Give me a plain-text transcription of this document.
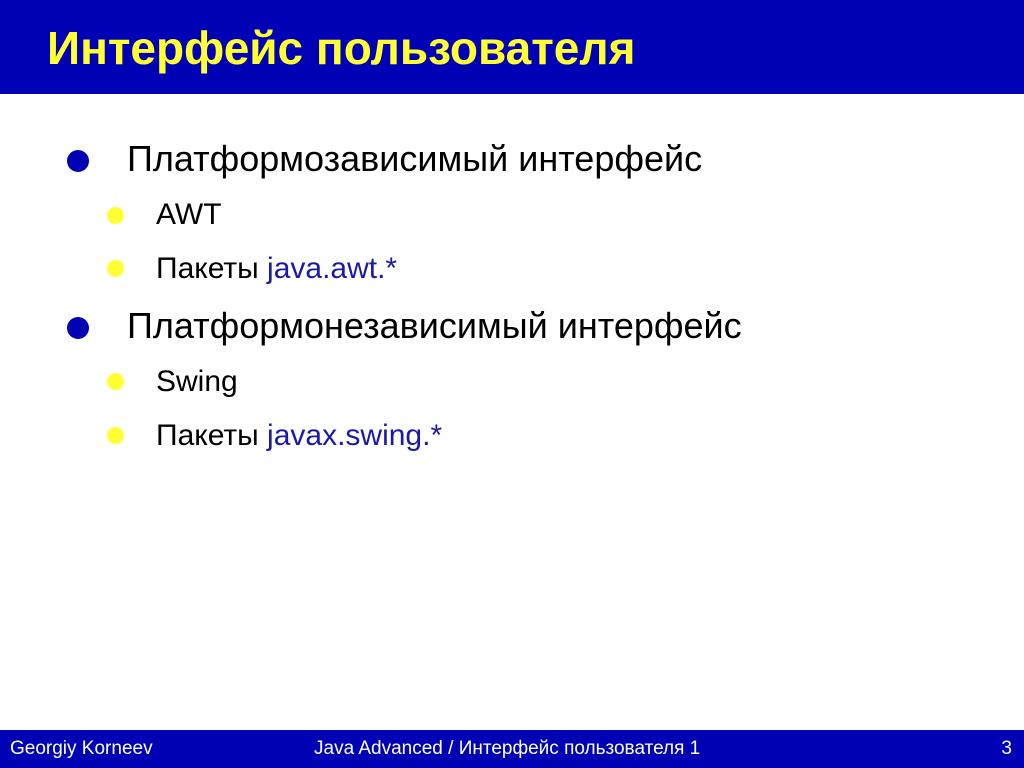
Интерфейс пользователя
Платформозависимый интерфейс
AWT
Пакеты java.awt.*
Платформонезависимый интерфейс
Swing
Пакеты javax.swing.*
Georgiy Korneev	Java Advanced / Интерфейс пользователя 1	3
